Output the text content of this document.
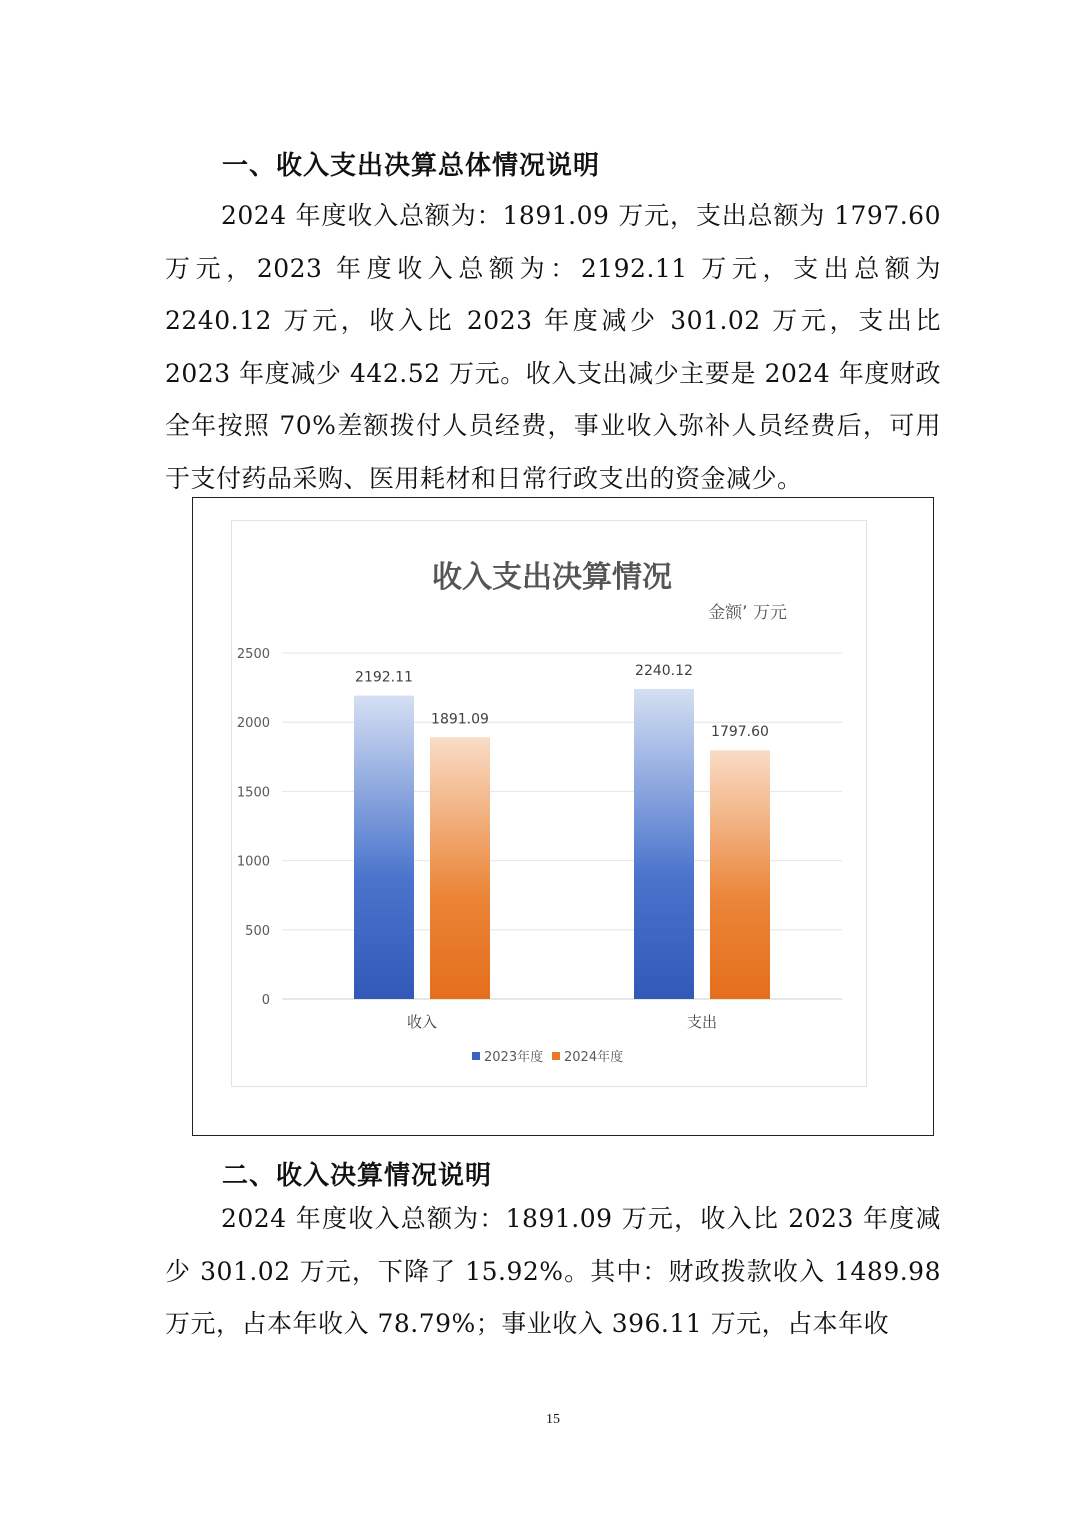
一、收入支出决算总体情况说明

2024 年度收入总额为：1891.09 万元，支出总额为 1797.60 万元，2023 年度收入总额为：2192.11 万元，支出总额为 2240.12 万元，收入比 2023 年度减少 301.02 万元，支出比 2023 年度减少 442.52 万元。收入支出减少主要是 2024 年度财政全年按照 70%差额拨付人员经费，事业收入弥补人员经费后，可用于支付药品采购、医用耗材和日常行政支出的资金减少。

收入支出决算情况
金额’ 万元
0
500
1000
1500
2000
2500
2192.11
1891.09
收入
2240.12
1797.60
支出
2023年度 2024年度
二、收入决算情况说明

2024 年度收入总额为：1891.09 万元，收入比 2023 年度减少 301.02 万元，下降了 15.92%。其中：财政拨款收入 1489.98 万元，占本年收入 78.79%；事业收入 396.11 万元，占本年收

15
